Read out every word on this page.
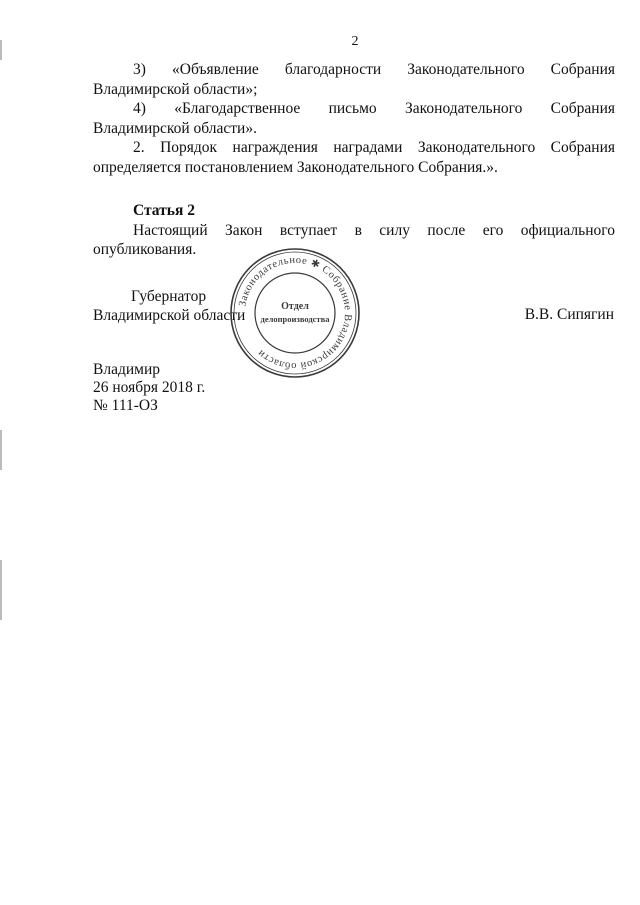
2

3) «Объявление благодарности Законодательного Собрания Владимирской области»;

4) «Благодарственное письмо Законодательного Собрания Владимирской области».

2. Порядок награждения наградами Законодательного Собрания определяется постановлением Законодательного Собрания.».

Статья 2

Настоящий Закон вступает в силу после его официального опубликования.

Губернатор
Владимирской области	В.В. Сипягин
Законодательное ✱ Собрание Владимирской области
Отдел
делопроизводства
Владимир
26 ноября 2018 г.
№ 111-ОЗ
